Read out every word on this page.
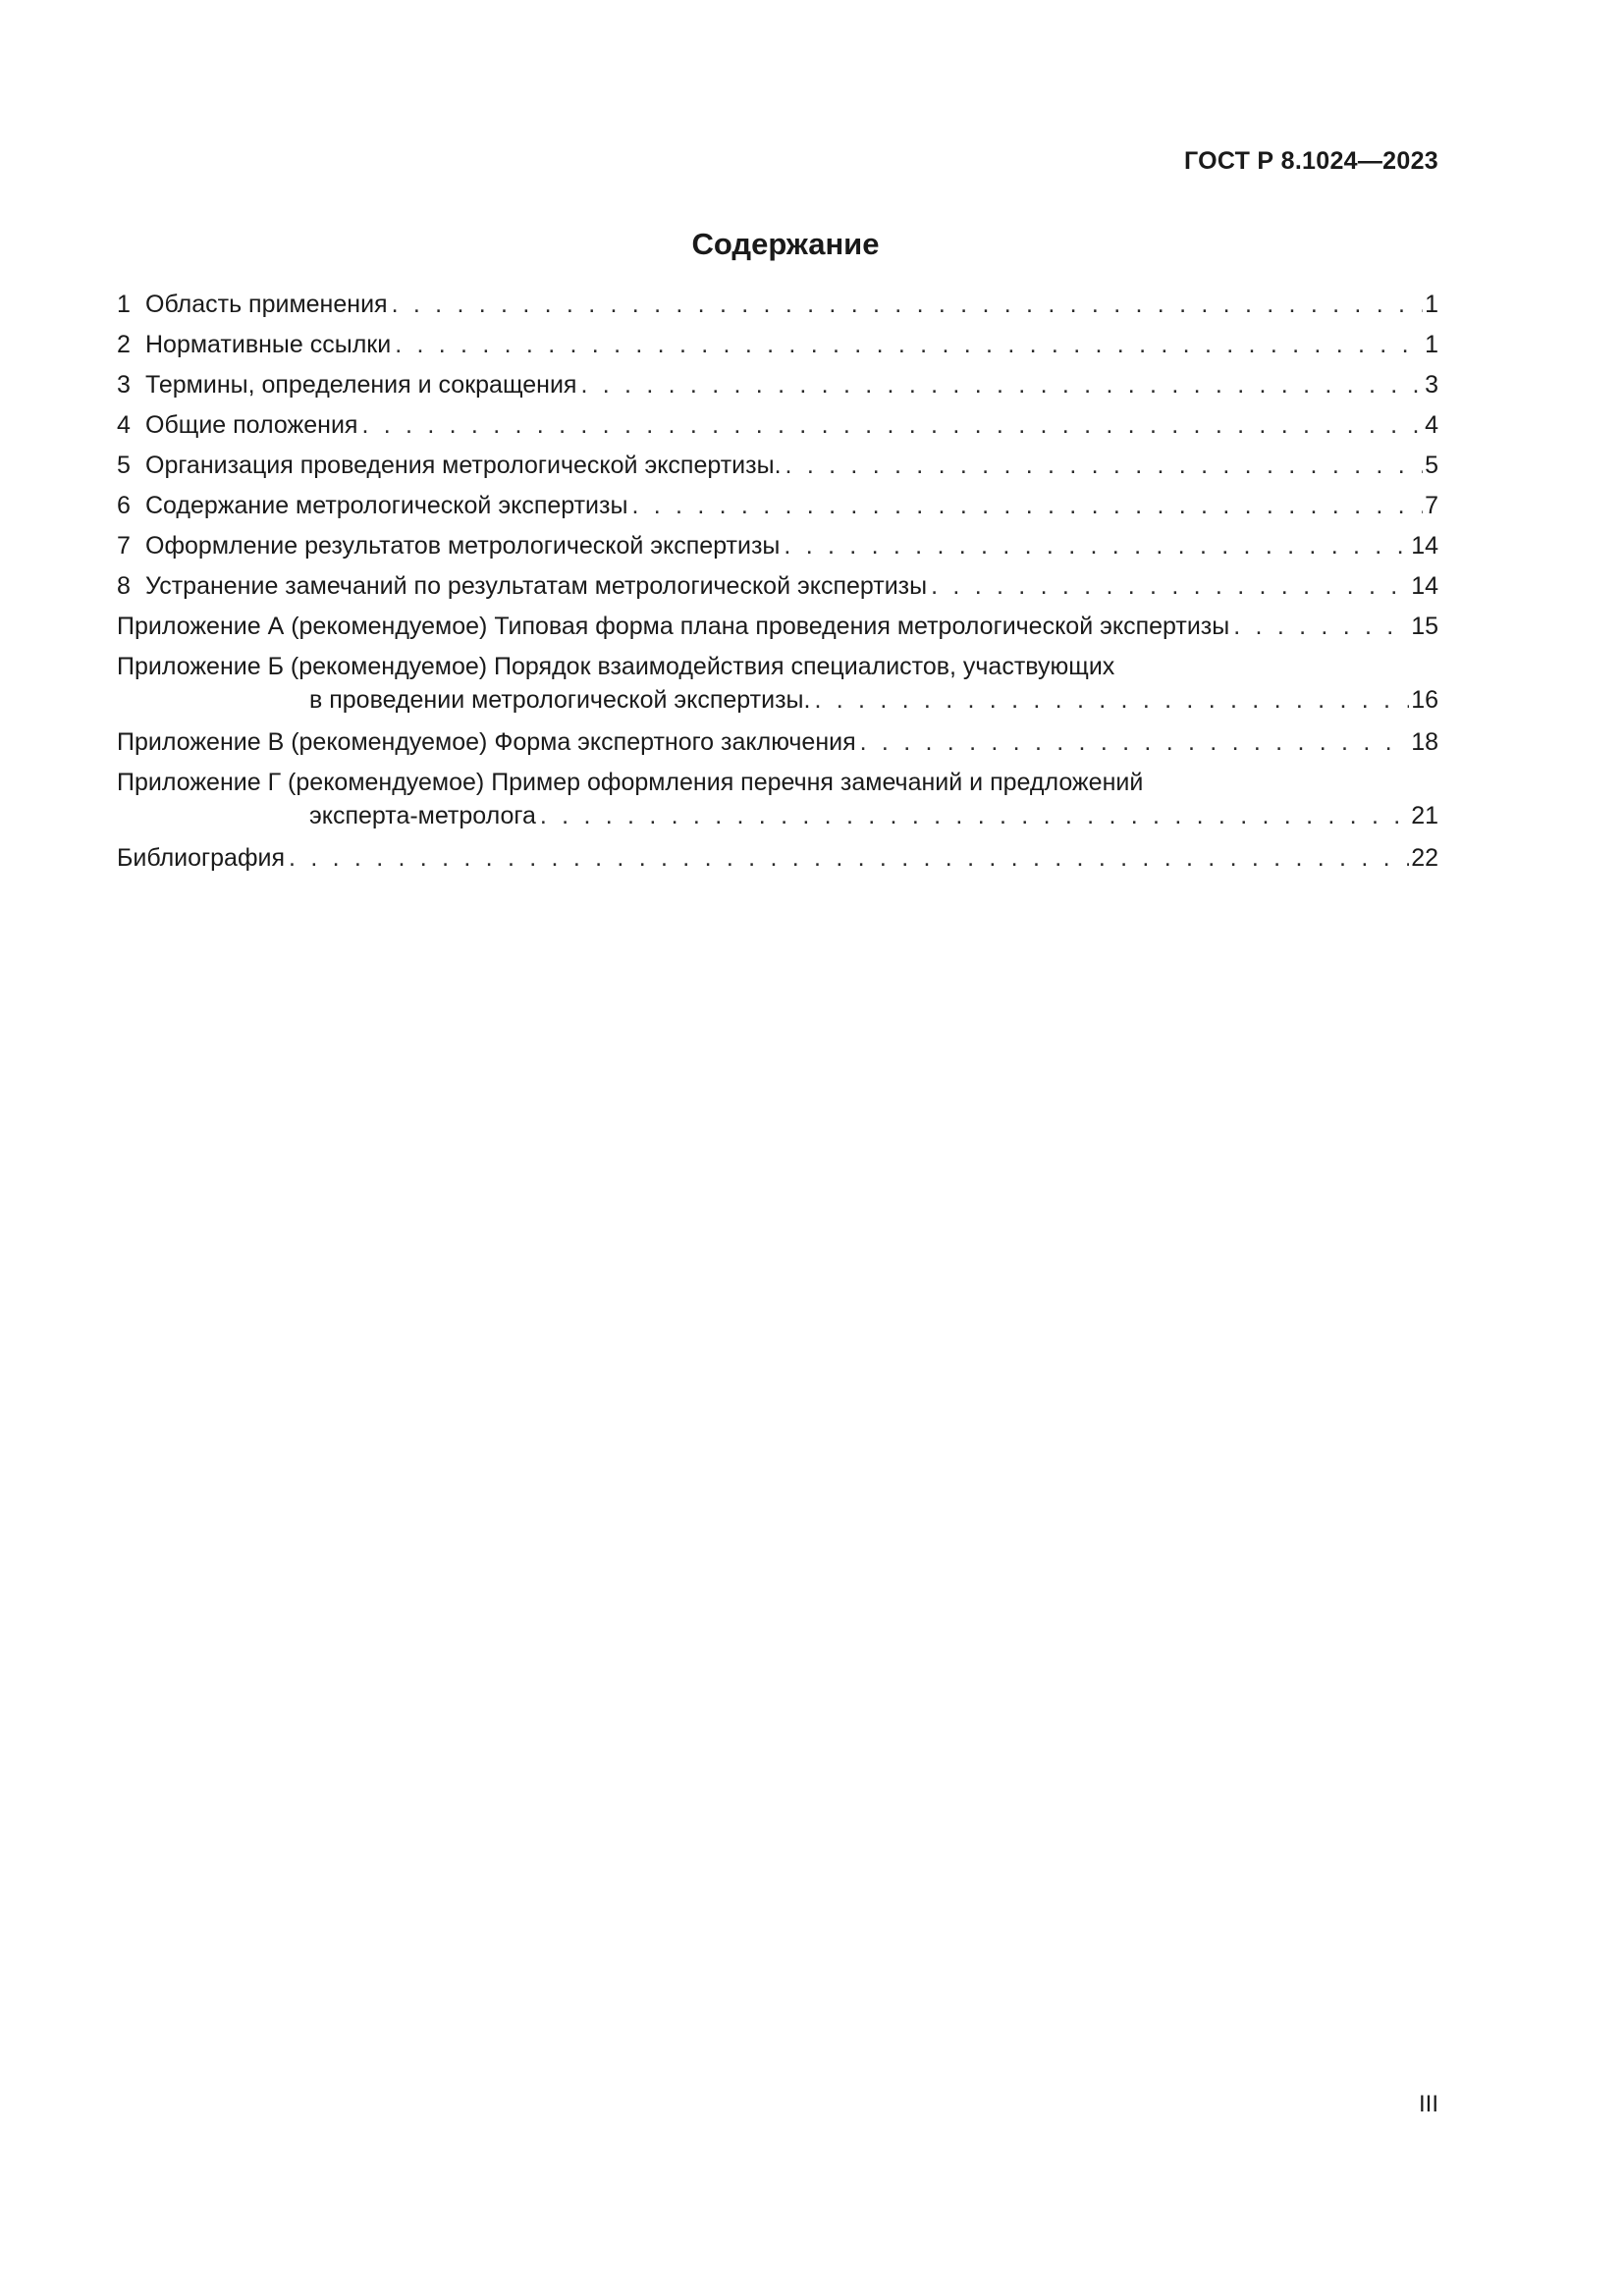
ГОСТ Р 8.1024—2023
Содержание
1 Область применения . . .	1
2 Нормативные ссылки . . .	1
3 Термины, определения и сокращения . . .	3
4 Общие положения . . .	4
5 Организация проведения метрологической экспертизы. . . .	5
6 Содержание метрологической экспертизы . . .	7
7 Оформление результатов метрологической экспертизы . . .	14
8 Устранение замечаний по результатам метрологической экспертизы . . .	14
Приложение А (рекомендуемое) Типовая форма плана проведения метрологической экспертизы . . .	15
Приложение Б (рекомендуемое) Порядок взаимодействия специалистов, участвующих
в проведении метрологической экспертизы. . . .	16
Приложение В (рекомендуемое) Форма экспертного заключения . . .	18
Приложение Г (рекомендуемое) Пример оформления перечня замечаний и предложений
эксперта-метролога . . .	21
Библиография . . .	22
III
